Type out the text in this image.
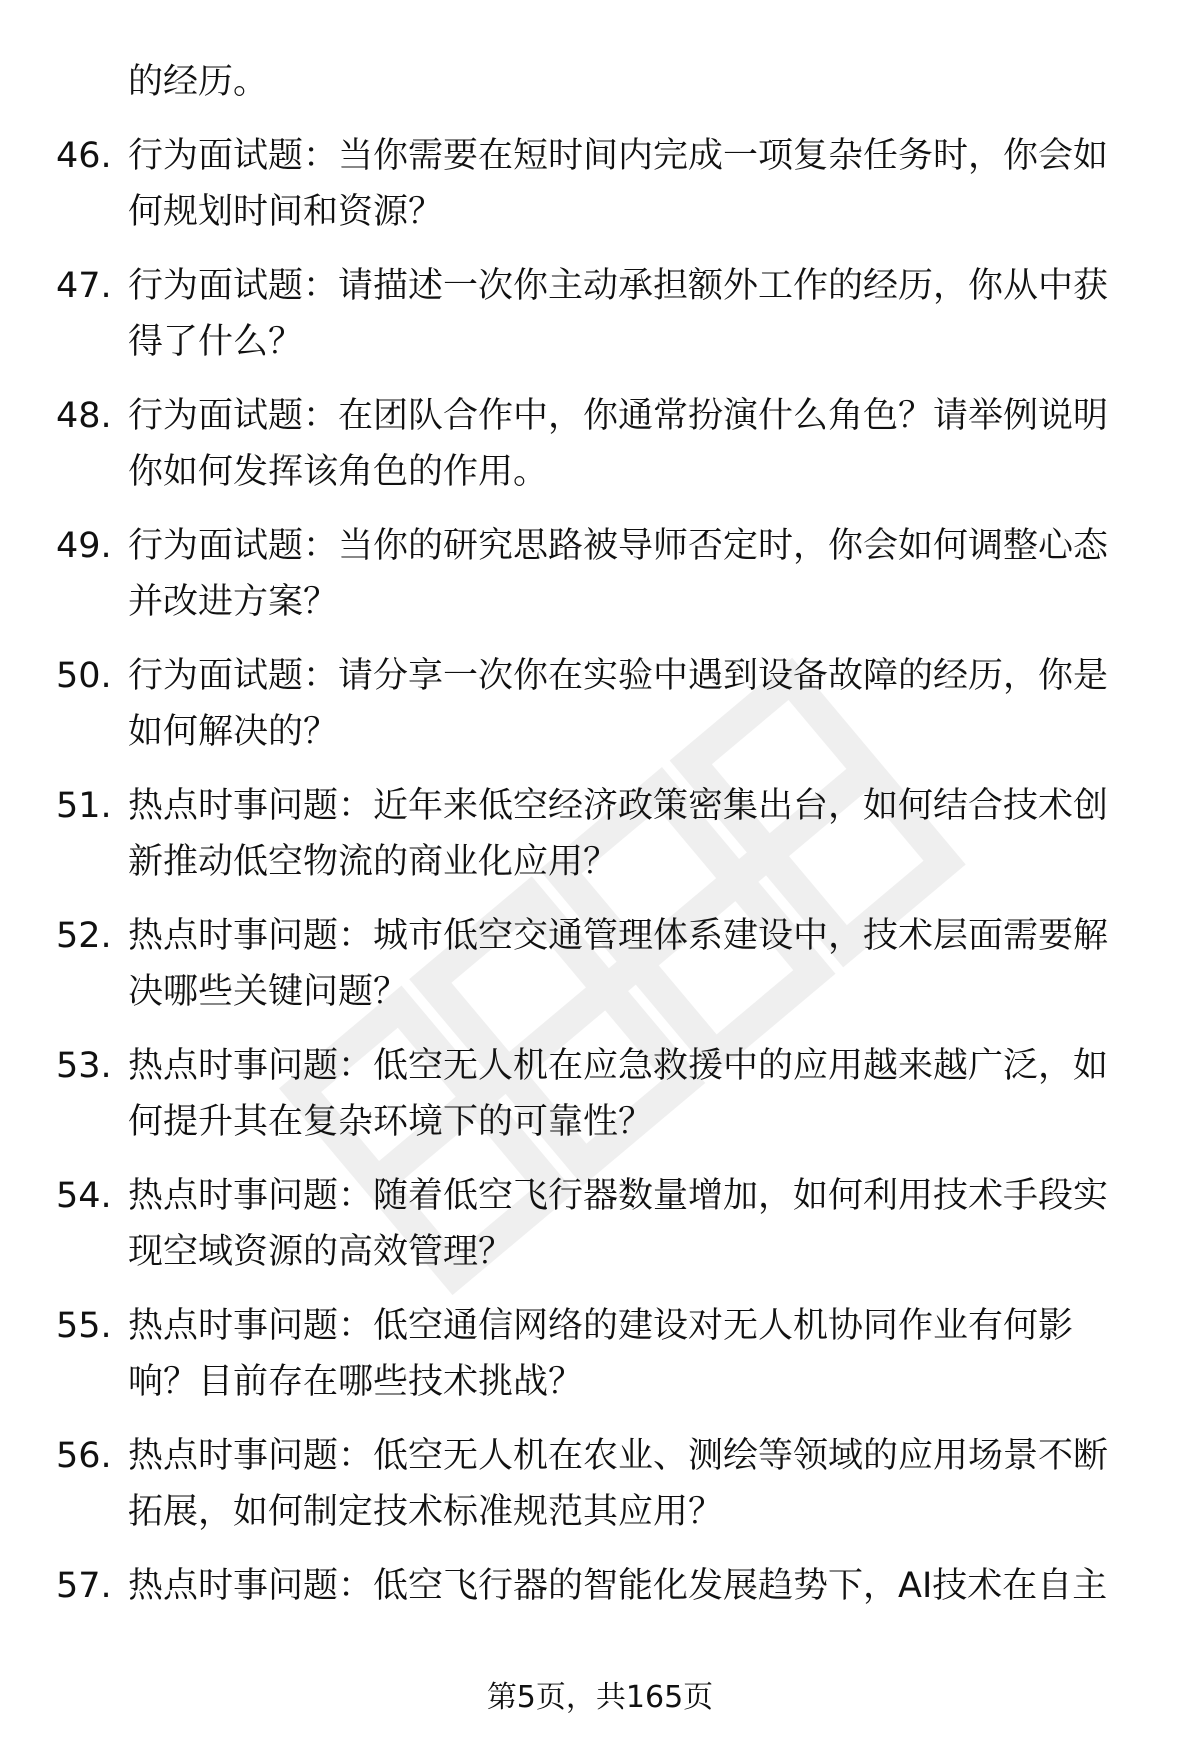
的经历。
46. 行为面试题：当你需要在短时间内完成一项复杂任务时，你会如何规划时间和资源？
47. 行为面试题：请描述一次你主动承担额外工作的经历，你从中获得了什么？
48. 行为面试题：在团队合作中，你通常扮演什么角色？请举例说明你如何发挥该角色的作用。
49. 行为面试题：当你的研究思路被导师否定时，你会如何调整心态并改进方案？
50. 行为面试题：请分享一次你在实验中遇到设备故障的经历，你是如何解决的？
51. 热点时事问题：近年来低空经济政策密集出台，如何结合技术创新推动低空物流的商业化应用？
52. 热点时事问题：城市低空交通管理体系建设中，技术层面需要解决哪些关键问题？
53. 热点时事问题：低空无人机在应急救援中的应用越来越广泛，如何提升其在复杂环境下的可靠性？
54. 热点时事问题：随着低空飞行器数量增加，如何利用技术手段实现空域资源的高效管理？
55. 热点时事问题：低空通信网络的建设对无人机协同作业有何影响？目前存在哪些技术挑战？
56. 热点时事问题：低空无人机在农业、测绘等领域的应用场景不断拓展，如何制定技术标准规范其应用？
57. 热点时事问题：低空飞行器的智能化发展趋势下，AI技术在自主
第5页，共165页
